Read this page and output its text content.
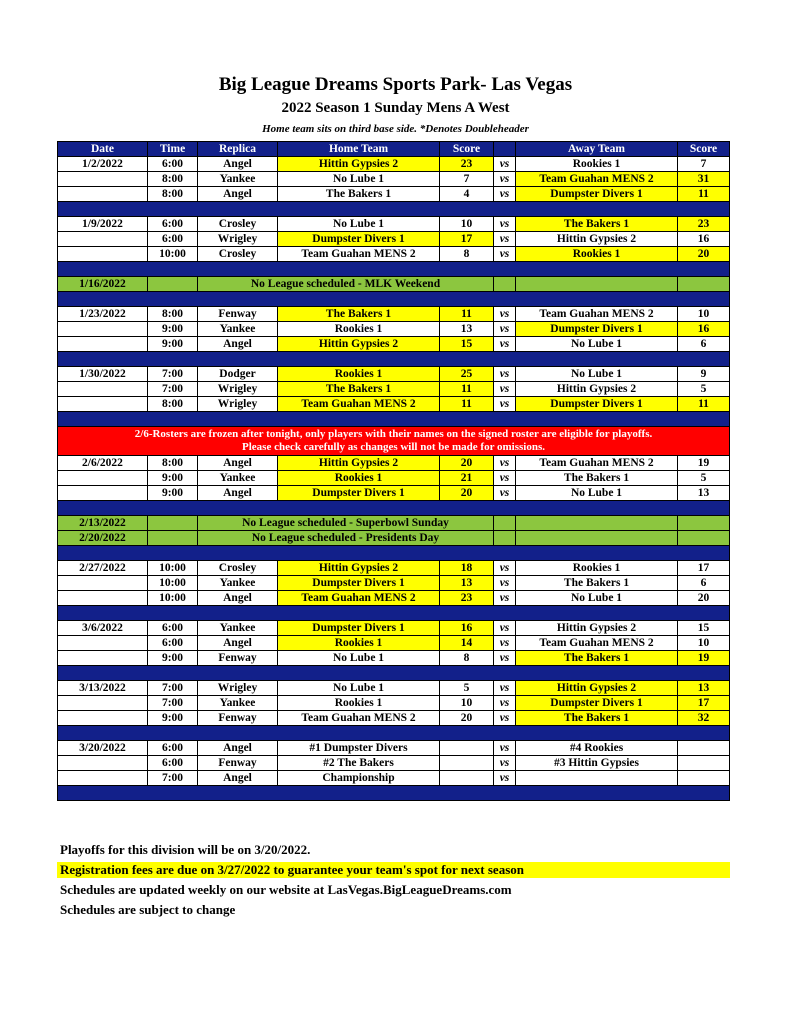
Big League Dreams Sports Park- Las Vegas
2022 Season 1 Sunday Mens A West
Home team sits on third base side. *Denotes Doubleheader
Date	Time	Replica	Home Team	Score		Away Team	Score
1/2/2022	6:00	Angel	Hittin Gypsies 2	23	vs	Rookies 1	7
	8:00	Yankee	No Lube 1	7	vs	Team Guahan MENS 2	31
	8:00	Angel	The Bakers 1	4	vs	Dumpster Divers 1	11

1/9/2022	6:00	Crosley	No Lube 1	10	vs	The Bakers 1	23
	6:00	Wrigley	Dumpster Divers 1	17	vs	Hittin Gypsies 2	16
	10:00	Crosley	Team Guahan MENS 2	8	vs	Rookies 1	20

1/16/2022		No League scheduled - MLK Weekend					

1/23/2022	8:00	Fenway	The Bakers 1	11	vs	Team Guahan MENS 2	10
	9:00	Yankee	Rookies 1	13	vs	Dumpster Divers 1	16
	9:00	Angel	Hittin Gypsies 2	15	vs	No Lube 1	6

1/30/2022	7:00	Dodger	Rookies 1	25	vs	No Lube 1	9
	7:00	Wrigley	The Bakers 1	11	vs	Hittin Gypsies 2	5
	8:00	Wrigley	Team Guahan MENS 2	11	vs	Dumpster Divers 1	11

2/6-Rosters are frozen after tonight, only players with their names on the signed roster are eligible for playoffs.
Please check carefully as changes will not be made for omissions.							

2/6/2022	8:00	Angel	Hittin Gypsies 2	20	vs	Team Guahan MENS 2	19
	9:00	Yankee	Rookies 1	21	vs	The Bakers 1	5
	9:00	Angel	Dumpster Divers 1	20	vs	No Lube 1	13

2/13/2022		No League scheduled - Superbowl Sunday					
2/20/2022		No League scheduled - Presidents Day					

2/27/2022	10:00	Crosley	Hittin Gypsies 2	18	vs	Rookies 1	17
	10:00	Yankee	Dumpster Divers 1	13	vs	The Bakers 1	6
	10:00	Angel	Team Guahan MENS 2	23	vs	No Lube 1	20

3/6/2022	6:00	Yankee	Dumpster Divers 1	16	vs	Hittin Gypsies 2	15
	6:00	Angel	Rookies 1	14	vs	Team Guahan MENS 2	10
	9:00	Fenway	No Lube 1	8	vs	The Bakers 1	19

3/13/2022	7:00	Wrigley	No Lube 1	5	vs	Hittin Gypsies 2	13
	7:00	Yankee	Rookies 1	10	vs	Dumpster Divers 1	17
	9:00	Fenway	Team Guahan MENS 2	20	vs	The Bakers 1	32

3/20/2022	6:00	Angel	#1 Dumpster Divers		vs	#4 Rookies	
	6:00	Fenway	#2 The Bakers		vs	#3 Hittin Gypsies	
	7:00	Angel	Championship		vs		

Playoffs for this division will be on 3/20/2022.
Registration fees are due on 3/27/2022 to guarantee your team's spot for next season
Schedules are updated weekly on our website at LasVegas.BigLeagueDreams.com
Schedules are subject to change
